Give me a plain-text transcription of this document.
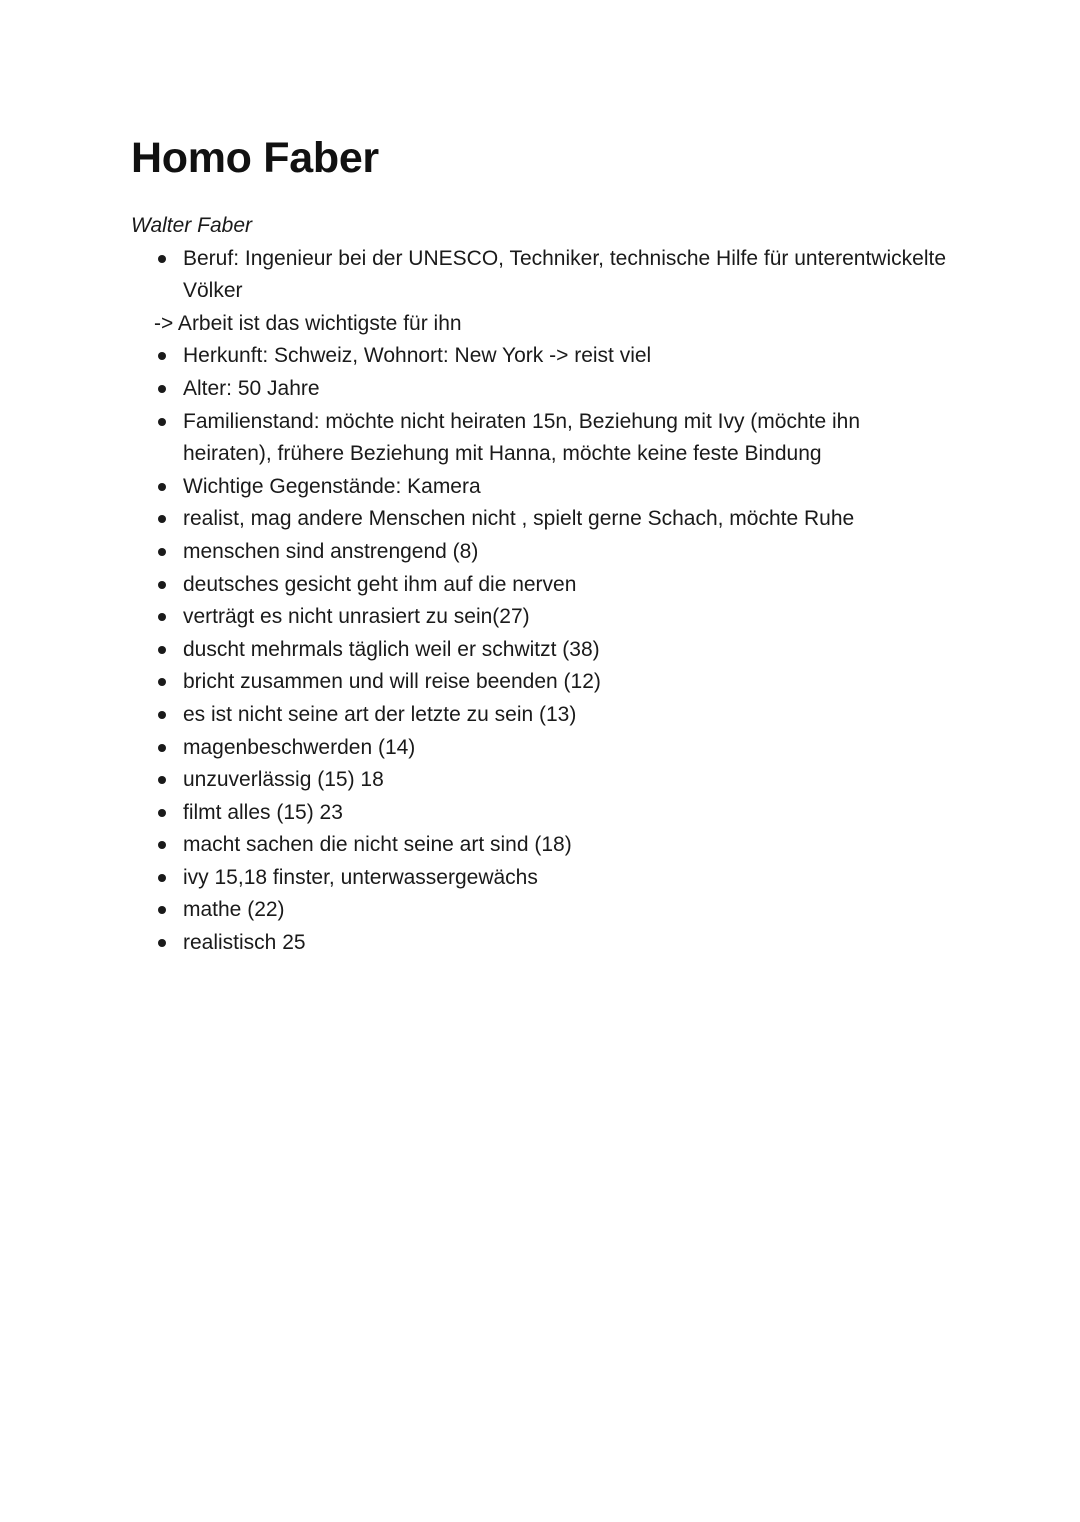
Homo Faber
Walter Faber
Beruf: Ingenieur bei der UNESCO, Techniker, technische Hilfe für unterentwickelte Völker
-> Arbeit ist das wichtigste für ihn
Herkunft: Schweiz, Wohnort: New York -> reist viel
Alter: 50 Jahre
Familienstand: möchte nicht heiraten 15n, Beziehung mit Ivy (möchte ihn heiraten), frühere Beziehung mit Hanna, möchte keine feste Bindung
Wichtige Gegenstände: Kamera
realist, mag andere Menschen nicht , spielt gerne Schach, möchte Ruhe
menschen sind anstrengend (8)
deutsches gesicht geht ihm auf die nerven
verträgt es nicht unrasiert zu sein(27)
duscht mehrmals täglich weil er schwitzt (38)
bricht zusammen und will reise beenden (12)
es ist nicht seine art der letzte zu sein (13)
magenbeschwerden (14)
unzuverlässig (15) 18
filmt alles (15) 23
macht sachen die nicht seine art sind (18)
ivy 15,18 finster, unterwassergewächs
mathe (22)
realistisch 25
